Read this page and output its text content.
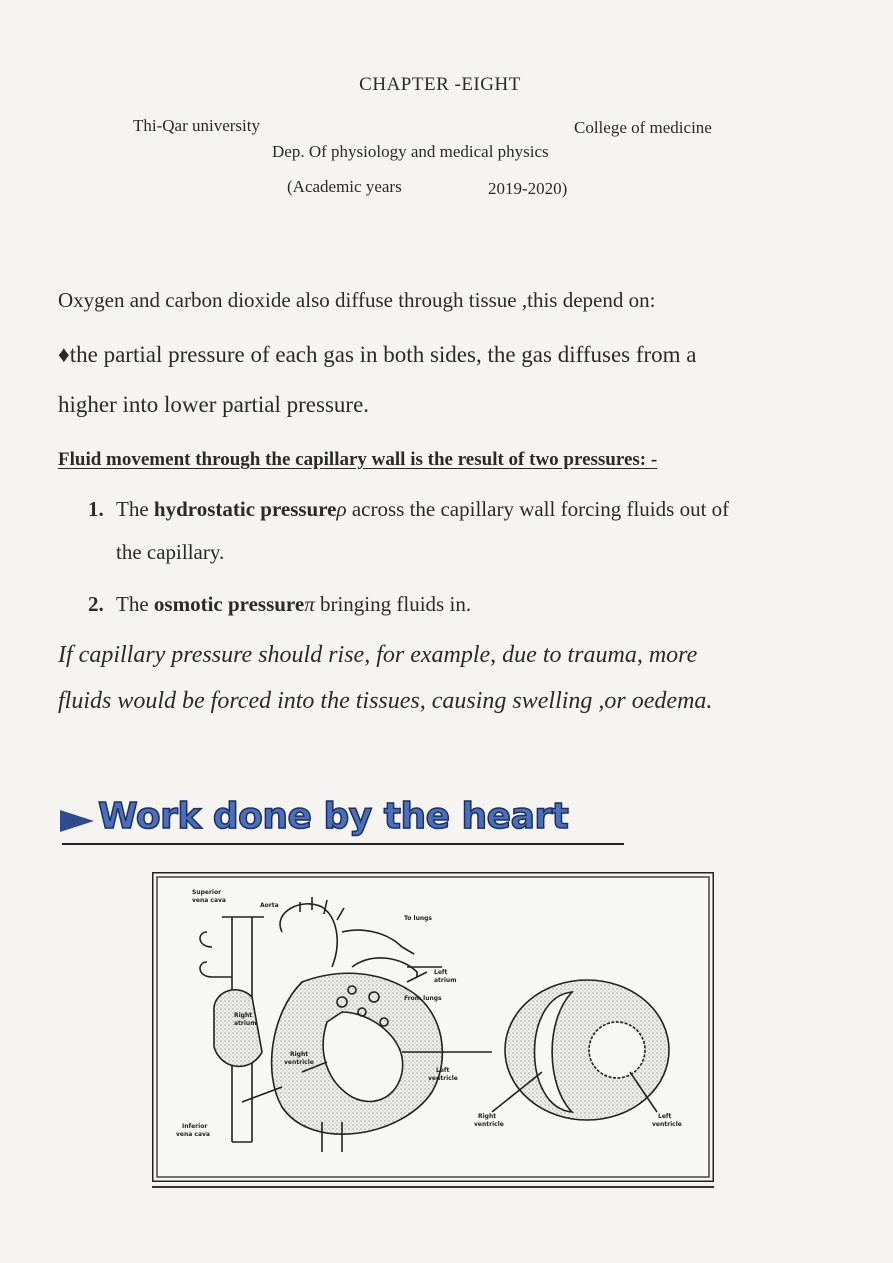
CHAPTER -EIGHT
Thi-Qar university	College of medicine
Dep. Of physiology and medical physics
(Academic years	2019-2020)
Oxygen and carbon dioxide also diffuse through tissue ,this depend on:
♦the partial pressure of each gas in both sides, the gas diffuses from a
higher into lower partial pressure.
Fluid movement through the capillary wall is the result of two pressures: -
1. The hydrostatic pressureρ across the capillary wall forcing fluids out of
the capillary.
2. The osmotic pressureπ bringing fluids in.
If capillary pressure should rise, for example, due to trauma, more
fluids would be forced into the tissues, causing swelling ,or oedema.
Work done by the heart
Superior
vena cava
Aorta
To lungs
Left
atrium
From lungs
Right
atrium
Right
ventricle
Left
ventricle
Inferior
vena cava
Right
ventricle
Left
ventricle
